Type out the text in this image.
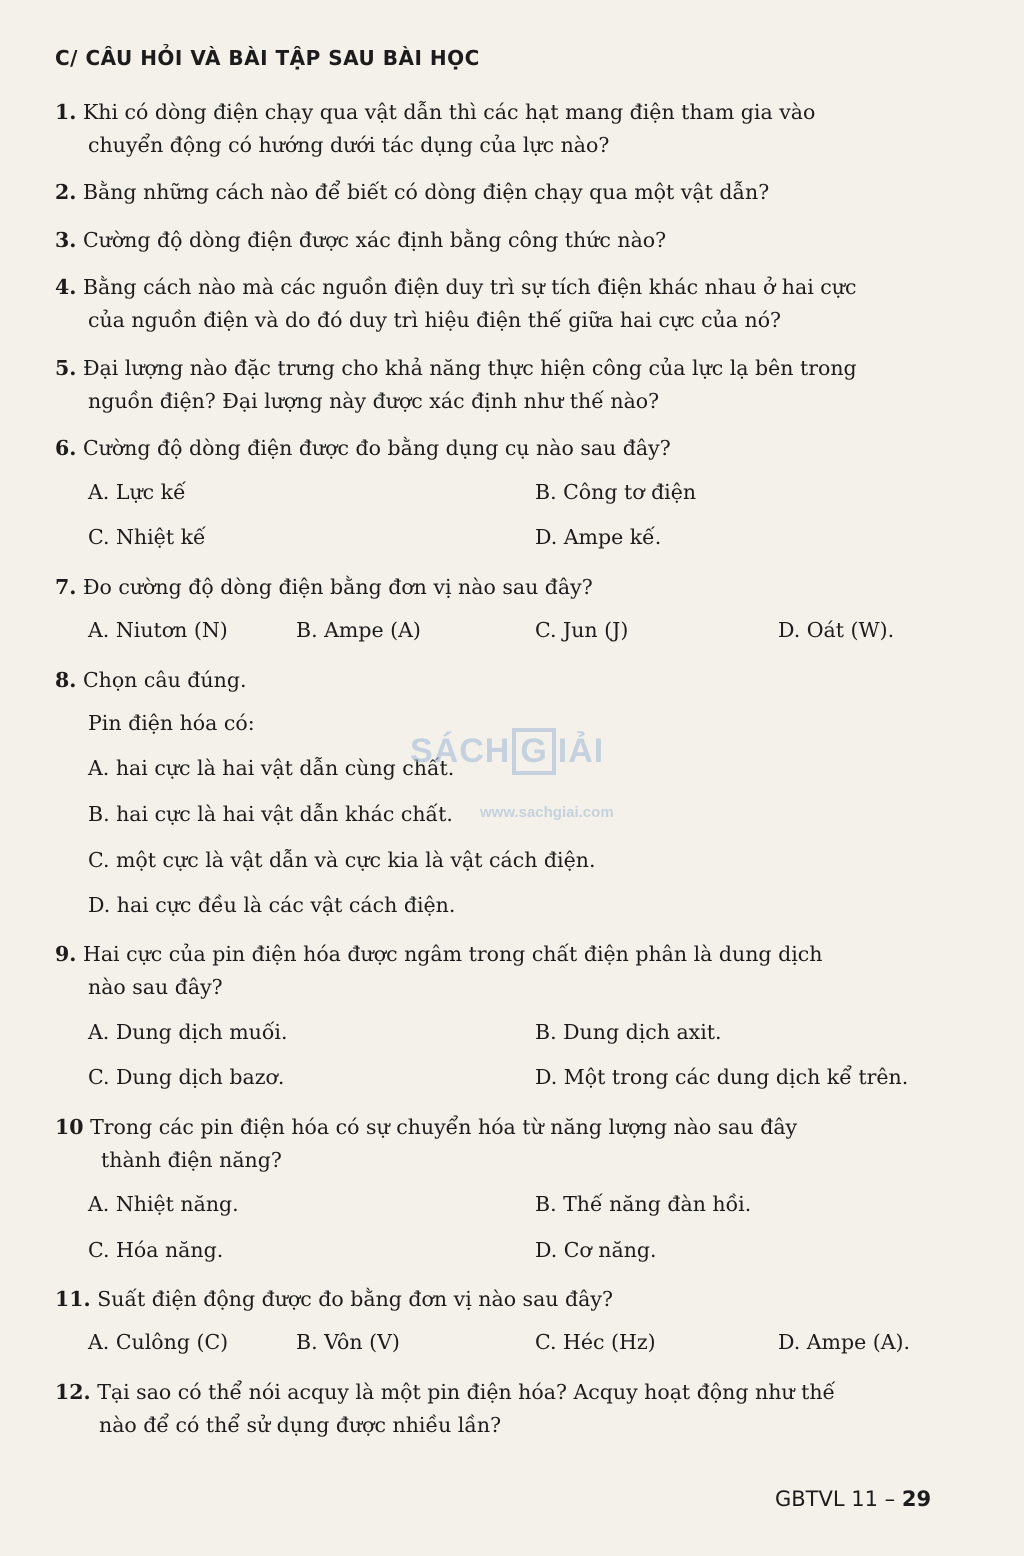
C/ CÂU HỎI VÀ BÀI TẬP SAU BÀI HỌC
1. Khi có dòng điện chạy qua vật dẫn thì các hạt mang điện tham gia vào
chuyển động có hướng dưới tác dụng của lực nào?
2. Bằng những cách nào để biết có dòng điện chạy qua một vật dẫn?
3. Cường độ dòng điện được xác định bằng công thức nào?
4. Bằng cách nào mà các nguồn điện duy trì sự tích điện khác nhau ở hai cực
của nguồn điện và do đó duy trì hiệu điện thế giữa hai cực của nó?
5. Đại lượng nào đặc trưng cho khả năng thực hiện công của lực lạ bên trong
nguồn điện? Đại lượng này được xác định như thế nào?
6. Cường độ dòng điện được đo bằng dụng cụ nào sau đây?
A. Lực kế	B. Công tơ điện
C. Nhiệt kế	D. Ampe kế.
7. Đo cường độ dòng điện bằng đơn vị nào sau đây?
A. Niutơn (N)	B. Ampe (A)	C. Jun (J)	D. Oát (W).
8. Chọn câu đúng.
Pin điện hóa có:
A. hai cực là hai vật dẫn cùng chất.
B. hai cực là hai vật dẫn khác chất.
C. một cực là vật dẫn và cực kia là vật cách điện.
D. hai cực đều là các vật cách điện.
9. Hai cực của pin điện hóa được ngâm trong chất điện phân là dung dịch
nào sau đây?
A. Dung dịch muối.	B. Dung dịch axit.
C. Dung dịch bazơ.	D. Một trong các dung dịch kể trên.
10 Trong các pin điện hóa có sự chuyển hóa từ năng lượng nào sau đây
thành điện năng?
A. Nhiệt năng.	B. Thế năng đàn hồi.
C. Hóa năng.	D. Cơ năng.
11. Suất điện động được đo bằng đơn vị nào sau đây?
A. Culông (C)	B. Vôn (V)	C. Héc (Hz)	D. Ampe (A).
12. Tại sao có thể nói acquy là một pin điện hóa? Acquy hoạt động như thế
nào để có thể sử dụng được nhiều lần?
SÁCH G IẢI
www.sachgiai.com
GBTVL 11 – 29
